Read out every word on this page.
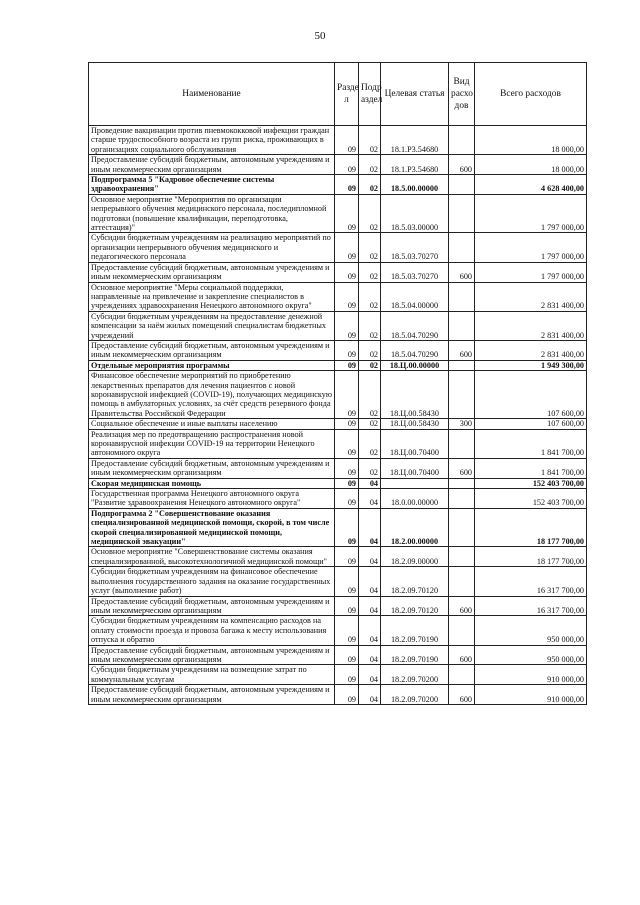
50
Наименование	Разде л	Подр аздел	Целевая статья	Вид расхо дов	Всего расходов
Проведение вакцинации против пневмококковой инфекции граждан старше трудоспособного возраста из групп риска, проживающих в организациях социального обслуживания	09	02	18.1.Р3.54680		18 000,00
Предоставление субсидий бюджетным, автономным учреждениям и иным некоммерческим организациям	09	02	18.1.Р3.54680	600	18 000,00
Подпрограмма 5 "Кадровое обеспечение системы здравоохранения"	09	02	18.5.00.00000		4 628 400,00
Основное мероприятие "Мероприятия по организации непрерывного обучения медицинского персонала, последипломной подготовки (повышение квалификации, переподготовка, аттестация)"	09	02	18.5.03.00000		1 797 000,00
Субсидии бюджетным учреждениям на реализацию мероприятий по организации непрерывного обучения медицинского и педагогического персонала	09	02	18.5.03.70270		1 797 000,00
Предоставление субсидий бюджетным, автономным учреждениям и иным некоммерческим организациям	09	02	18.5.03.70270	600	1 797 000,00
Основное мероприятие "Меры социальной поддержки, направленные на привлечение и закрепление специалистов в учреждениях здравоохранения Ненецкого автономного округа"	09	02	18.5.04.00000		2 831 400,00
Субсидии бюджетным учреждениям на предоставление денежной компенсации за наём жилых помещений специалистам бюджетных учреждений	09	02	18.5.04.70290		2 831 400,00
Предоставление субсидий бюджетным, автономным учреждениям и иным некоммерческим организациям	09	02	18.5.04.70290	600	2 831 400,00
Отдельные мероприятия программы	09	02	18.Ц.00.00000		1 949 300,00
Финансовое обеспечение мероприятий по приобретению лекарственных препаратов для лечения пациентов с новой коронавирусной инфекцией (COVID-19), получающих медицинскую помощь в амбулаторных условиях, за счёт средств резервного фонда Правительства Российской Федерации	09	02	18.Ц.00.58430		107 600,00
Социальное обеспечение и иные выплаты населению	09	02	18.Ц.00.58430	300	107 600,00
Реализация мер по предотвращению распространения новой коронавирусной инфекции COVID-19 на территории Ненецкого автономного округа	09	02	18.Ц.00.70400		1 841 700,00
Предоставление субсидий бюджетным, автономным учреждениям и иным некоммерческим организациям	09	02	18.Ц.00.70400	600	1 841 700,00
Скорая медицинская помощь	09	04			152 403 700,00
Государственная программа Ненецкого автономного округа "Развитие здравоохранения Ненецкого автономного округа"	09	04	18.0.00.00000		152 403 700,00
Подпрограмма 2 "Совершенствование оказания специализированной медицинской помощи, скорой, в том числе скорой специализированной медицинской помощи, медицинской эвакуации"	09	04	18.2.00.00000		18 177 700,00
Основное мероприятие "Совершенствование системы оказания специализированной, высокотехнологичной медицинской помощи"	09	04	18.2.09.00000		18 177 700,00
Субсидии бюджетным учреждениям на финансовое обеспечение выполнения государственного задания на оказание государственных услуг (выполнение работ)	09	04	18.2.09.70120		16 317 700,00
Предоставление субсидий бюджетным, автономным учреждениям и иным некоммерческим организациям	09	04	18.2.09.70120	600	16 317 700,00
Субсидии бюджетным учреждениям на компенсацию расходов на оплату стоимости проезда и провоза багажа к месту использования отпуска и обратно	09	04	18.2.09.70190		950 000,00
Предоставление субсидий бюджетным, автономным учреждениям и иным некоммерческим организациям	09	04	18.2.09.70190	600	950 000,00
Субсидии бюджетным учреждениям на возмещение затрат по коммунальным услугам	09	04	18.2.09.70200		910 000,00
Предоставление субсидий бюджетным, автономным учреждениям и иным некоммерческим организациям	09	04	18.2.09.70200	600	910 000,00
